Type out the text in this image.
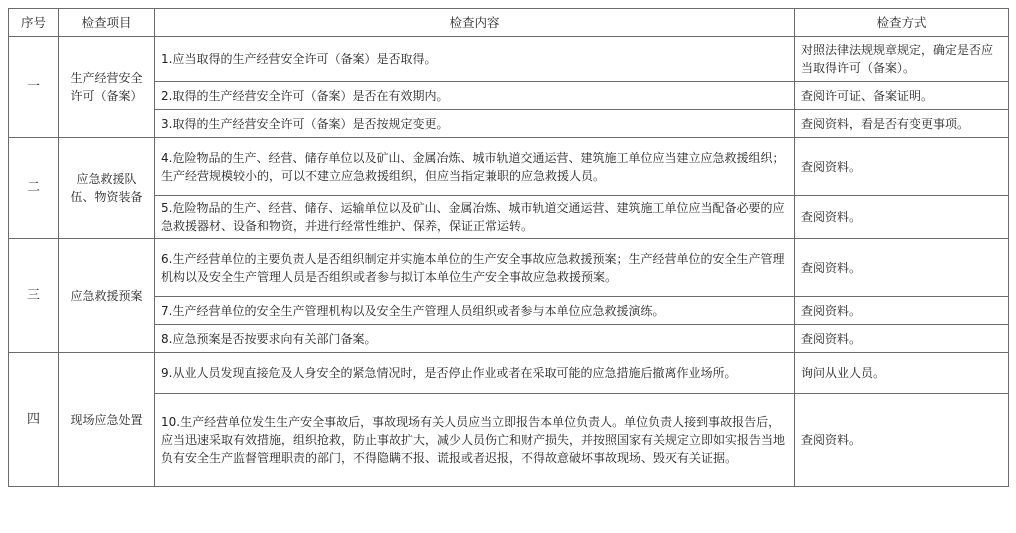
序号	检查项目	检查内容	检查方式
一	生产经营安全许可（备案）	1.应当取得的生产经营安全许可（备案）是否取得。	对照法律法规规章规定，确定是否应当取得许可（备案）。
		2.取得的生产经营安全许可（备案）是否在有效期内。	查阅许可证、备案证明。
		3.取得的生产经营安全许可（备案）是否按规定变更。	查阅资料，看是否有变更事项。
二	应急救援队伍、物资装备	4.危险物品的生产、经营、储存单位以及矿山、金属冶炼、城市轨道交通运营、建筑施工单位应当建立应急救援组织；生产经营规模较小的，可以不建立应急救援组织，但应当指定兼职的应急救援人员。	查阅资料。
		5.危险物品的生产、经营、储存、运输单位以及矿山、金属冶炼、城市轨道交通运营、建筑施工单位应当配备必要的应急救援器材、设备和物资，并进行经常性维护、保养，保证正常运转。	查阅资料。
三	应急救援预案	6.生产经营单位的主要负责人是否组织制定并实施本单位的生产安全事故应急救援预案；生产经营单位的安全生产管理机构以及安全生产管理人员是否组织或者参与拟订本单位生产安全事故应急救援预案。	查阅资料。
		7.生产经营单位的安全生产管理机构以及安全生产管理人员组织或者参与本单位应急救援演练。	查阅资料。
		8.应急预案是否按要求向有关部门备案。	查阅资料。
四	现场应急处置	9.从业人员发现直接危及人身安全的紧急情况时，是否停止作业或者在采取可能的应急措施后撤离作业场所。	询问从业人员。
		10.生产经营单位发生生产安全事故后，事故现场有关人员应当立即报告本单位负责人。单位负责人接到事故报告后，应当迅速采取有效措施，组织抢救，防止事故扩大，减少人员伤亡和财产损失，并按照国家有关规定立即如实报告当地负有安全生产监督管理职责的部门，不得隐瞒不报、谎报或者迟报，不得故意破坏事故现场、毁灭有关证据。	查阅资料。
